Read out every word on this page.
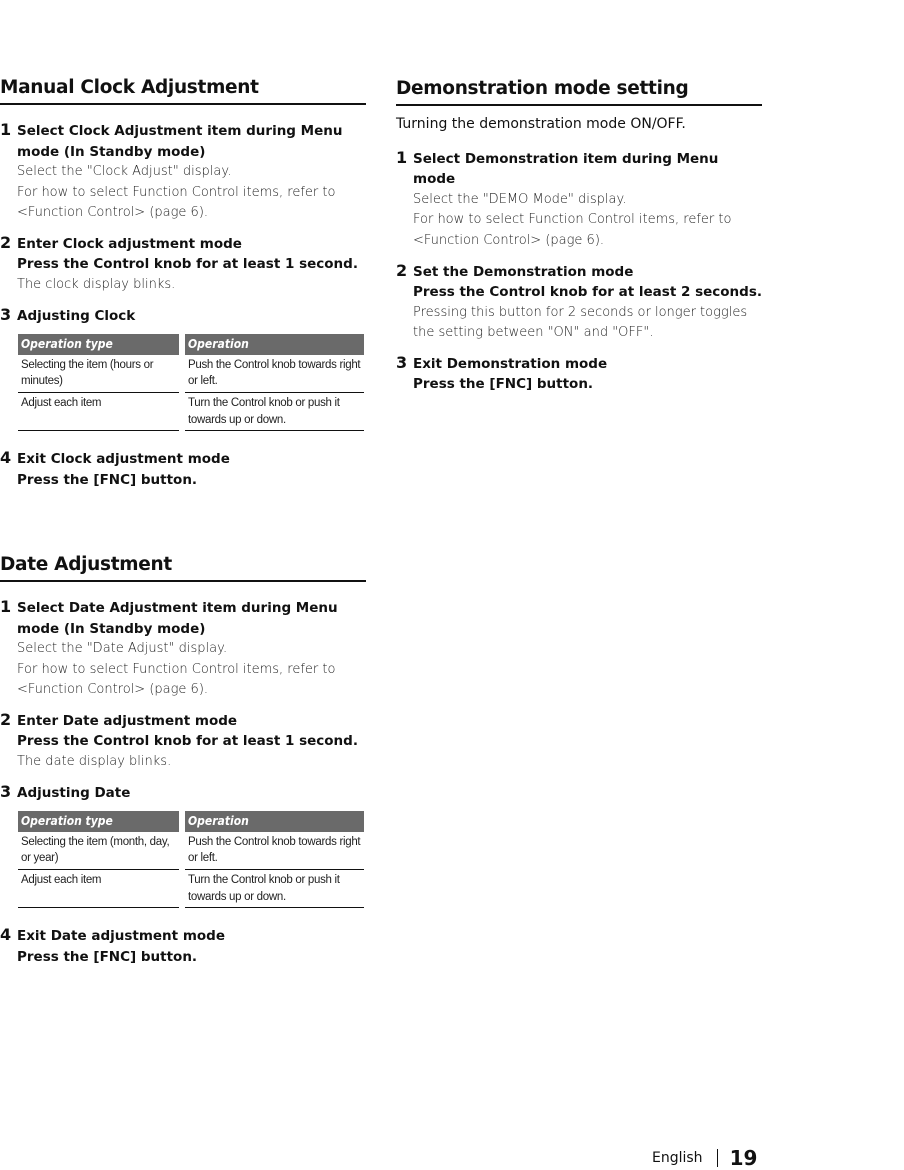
Manual Clock Adjustment
1 Select Clock Adjustment item during Menu mode (In Standby mode)
Select the "Clock Adjust" display.
For how to select Function Control items, refer to <Function Control> (page 6).
2 Enter Clock adjustment mode
Press the Control knob for at least 1 second.
The clock display blinks.
3 Adjusting Clock
Operation type	Operation
Selecting the item (hours or minutes)	Push the Control knob towards right or left.
Adjust each item	Turn the Control knob or push it towards up or down.
4 Exit Clock adjustment mode
Press the [FNC] button.
Date Adjustment
1 Select Date Adjustment item during Menu mode (In Standby mode)
Select the "Date Adjust" display.
For how to select Function Control items, refer to <Function Control> (page 6).
2 Enter Date adjustment mode
Press the Control knob for at least 1 second.
The date display blinks.
3 Adjusting Date
Operation type	Operation
Selecting the item (month, day, or year)	Push the Control knob towards right or left.
Adjust each item	Turn the Control knob or push it towards up or down.
4 Exit Date adjustment mode
Press the [FNC] button.
Demonstration mode setting
Turning the demonstration mode ON/OFF.
1 Select Demonstration item during Menu mode
Select the "DEMO Mode" display.
For how to select Function Control items, refer to <Function Control> (page 6).
2 Set the Demonstration mode
Press the Control knob for at least 2 seconds.
Pressing this button for 2 seconds or longer toggles the setting between "ON" and "OFF".
3 Exit Demonstration mode
Press the [FNC] button.
English 19
